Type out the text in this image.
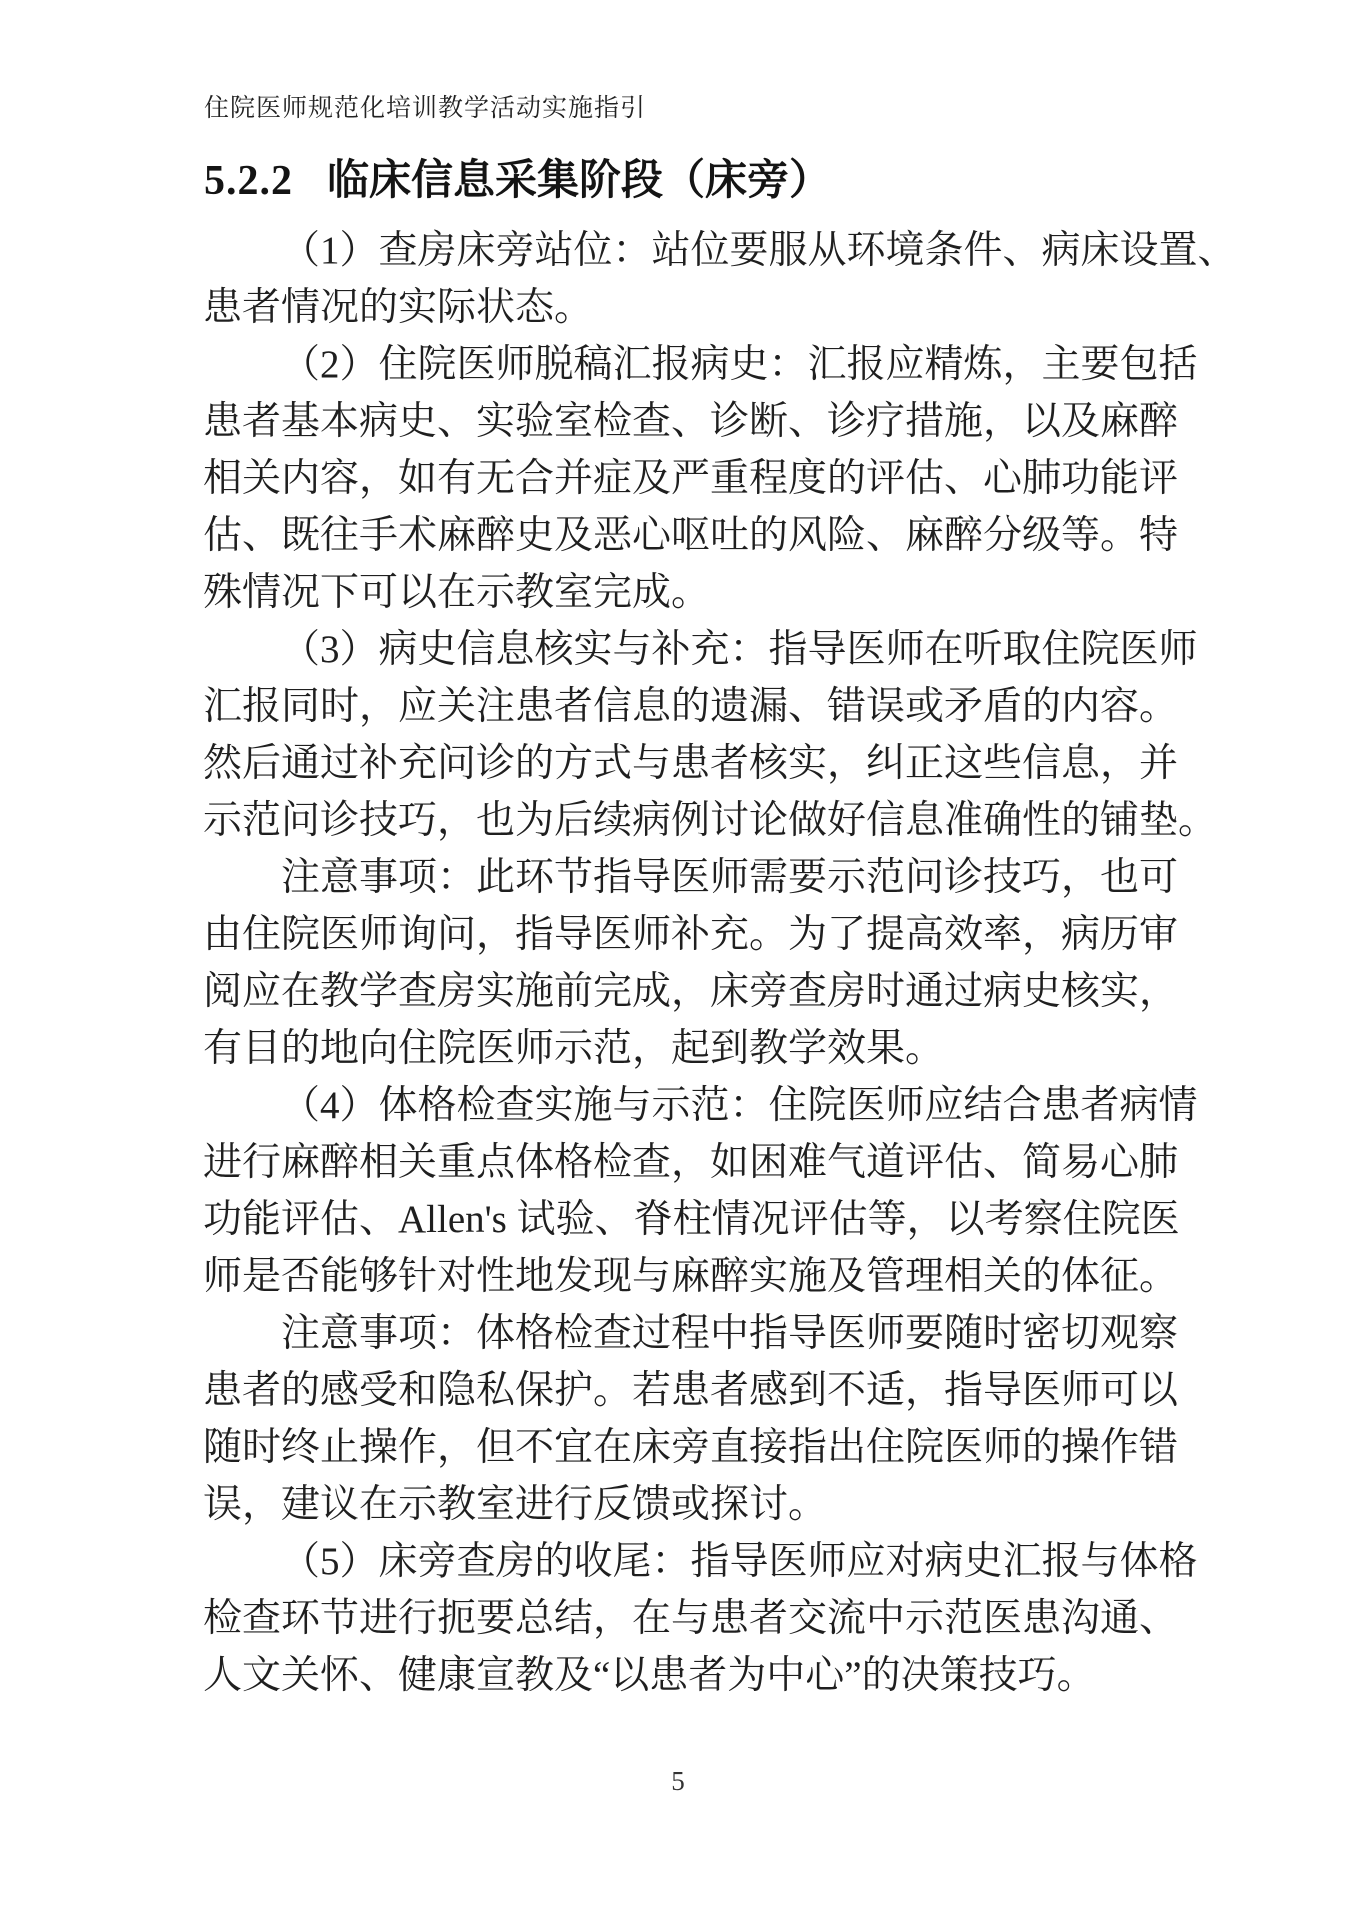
住院医师规范化培训教学活动实施指引
5.2.2 临床信息采集阶段（床旁）
（1）查房床旁站位：站位要服从环境条件、病床设置、
患者情况的实际状态。
（2）住院医师脱稿汇报病史：汇报应精炼，主要包括
患者基本病史、实验室检查、诊断、诊疗措施，以及麻醉
相关内容，如有无合并症及严重程度的评估、心肺功能评
估、既往手术麻醉史及恶心呕吐的风险、麻醉分级等。特
殊情况下可以在示教室完成。
（3）病史信息核实与补充：指导医师在听取住院医师
汇报同时，应关注患者信息的遗漏、错误或矛盾的内容。
然后通过补充问诊的方式与患者核实，纠正这些信息，并
示范问诊技巧，也为后续病例讨论做好信息准确性的铺垫。
注意事项：此环节指导医师需要示范问诊技巧，也可
由住院医师询问，指导医师补充。为了提高效率，病历审
阅应在教学查房实施前完成，床旁查房时通过病史核实，
有目的地向住院医师示范，起到教学效果。
（4）体格检查实施与示范：住院医师应结合患者病情
进行麻醉相关重点体格检查，如困难气道评估、简易心肺
功能评估、Allen's 试验、脊柱情况评估等，以考察住院医
师是否能够针对性地发现与麻醉实施及管理相关的体征。
注意事项：体格检查过程中指导医师要随时密切观察
患者的感受和隐私保护。若患者感到不适，指导医师可以
随时终止操作，但不宜在床旁直接指出住院医师的操作错
误，建议在示教室进行反馈或探讨。
（5）床旁查房的收尾：指导医师应对病史汇报与体格
检查环节进行扼要总结，在与患者交流中示范医患沟通、
人文关怀、健康宣教及“以患者为中心”的决策技巧。
5
